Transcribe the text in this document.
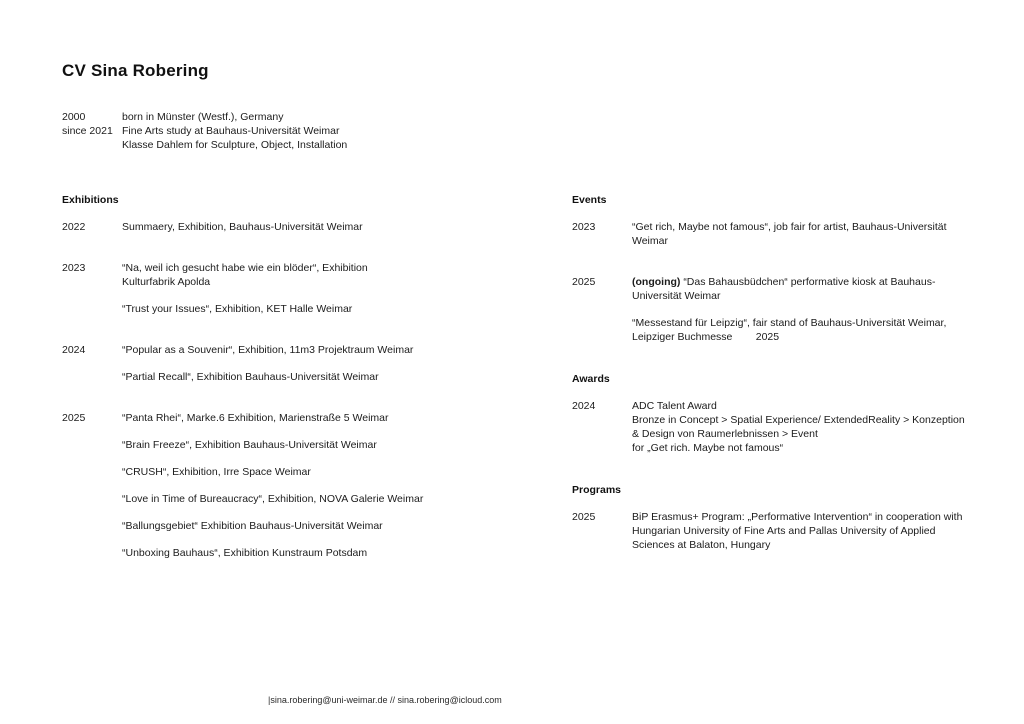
CV Sina Robering
2000	born in Münster (Westf.), Germany
since 2021 Fine Arts study at Bauhaus-Universität Weimar
Klasse Dahlem for Sculpture, Object, Installation
Exhibitions
2022	Summaery, Exhibition, Bauhaus-Universität Weimar
2023	“Na, weil ich gesucht habe wie ein blöder“, Exhibition
Kulturfabrik Apolda
“Trust your Issues“, Exhibition, KET Halle Weimar
2024	“Popular as a Souvenir“, Exhibition, 11m3 Projektraum Weimar
“Partial Recall“, Exhibition Bauhaus-Universität Weimar
2025	“Panta Rhei“, Marke.6 Exhibition, Marienstraße 5 Weimar
“Brain Freeze“, Exhibition Bauhaus-Universität Weimar
“CRUSH“, Exhibition, Irre Space Weimar
“Love in Time of Bureaucracy“, Exhibition, NOVA Galerie Weimar
“Ballungsgebiet“ Exhibition Bauhaus-Universität Weimar
“Unboxing Bauhaus“, Exhibition Kunstraum Potsdam
Events
2023	“Get rich, Maybe not famous“, job fair for artist, Bauhaus-Universität
Weimar
2025	(ongoing) “Das Bahausbüdchen“ performative kiosk at Bauhaus-
Universität Weimar
“Messestand für Leipzig“, fair stand of Bauhaus-Universität Weimar,
Leipziger Buchmesse        2025
Awards
2024	ADC Talent Award
Bronze in Concept > Spatial Experience/ ExtendedReality > Konzeption
& Design von Raumerlebnissen > Event
for „Get rich. Maybe not famous“
Programs
2025	BiP Erasmus+ Program: „Performative Intervention“ in cooperation with
Hungarian University of Fine Arts and Pallas University of Applied
Sciences at Balaton, Hungary
|sina.robering@uni-weimar.de // sina.robering@icloud.com
